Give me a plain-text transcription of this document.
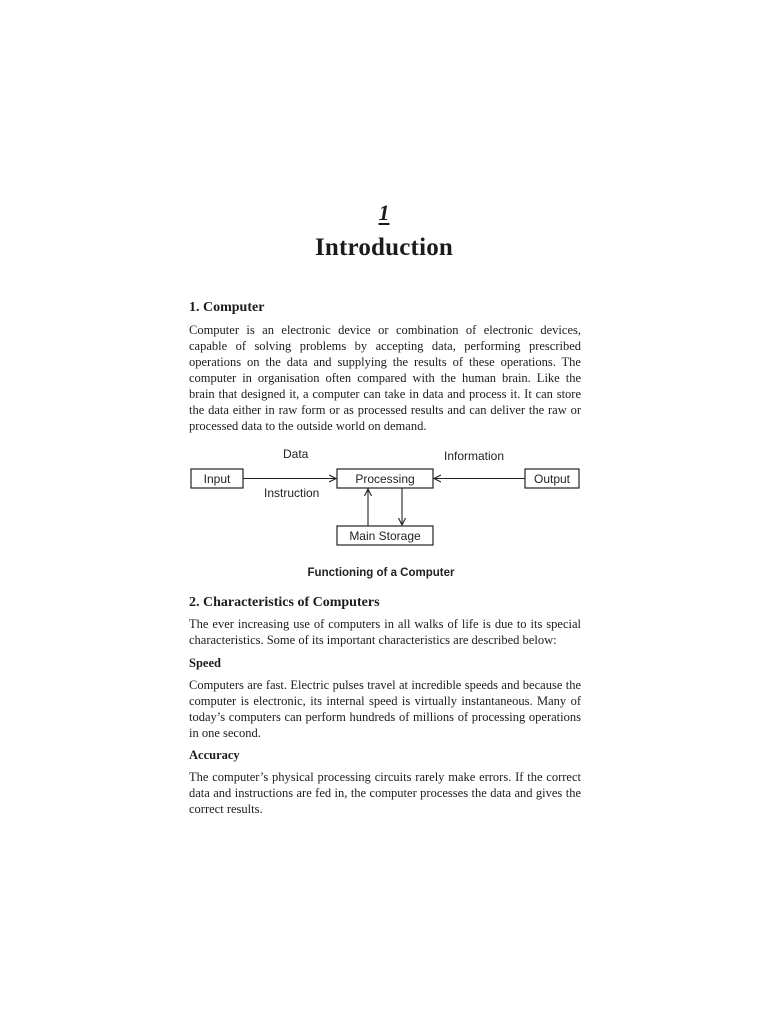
1
Introduction
1. Computer

Computer is an electronic device or combination of electronic devices, capable of solving problems by accepting data, performing prescribed operations on the data and supplying the results of these operations. The computer in organisation often compared with the human brain. Like the brain that designed it, a computer can take in data and process it. It can store the data either in raw form or as processed results and can deliver the raw or processed data to the outside world on demand.

Input	Processing	Output
Main Storage
Data
Instruction
Information
Functioning of a Computer
2. Characteristics of Computers

The ever increasing use of computers in all walks of life is due to its special characteristics. Some of its important characteristics are described below:

Speed

Computers are fast. Electric pulses travel at incredible speeds and because the computer is electronic, its internal speed is virtually instantaneous. Many of today’s computers can perform hundreds of millions of processing operations in one second.

Accuracy

The computer’s physical processing circuits rarely make errors. If the correct data and instructions are fed in, the computer processes the data and gives the correct results.
